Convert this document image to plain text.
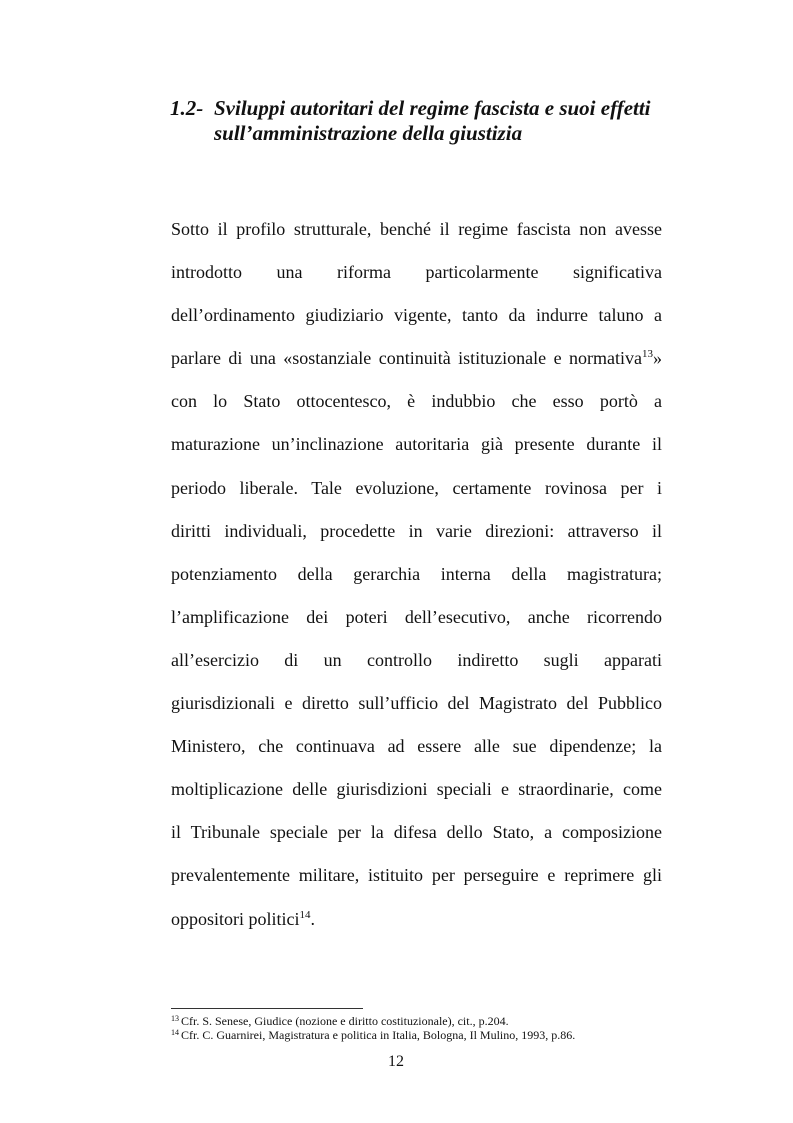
1.2- Sviluppi autoritari del regime fascista e suoi effetti
sull’amministrazione della giustizia
Sotto il profilo strutturale, benché il regime fascista non avesse
introdotto una riforma particolarmente significativa
dell’ordinamento giudiziario vigente, tanto da indurre taluno a
parlare di una «sostanziale continuità istituzionale e normativa$^{13}$»
con lo Stato ottocentesco, è indubbio che esso portò a
maturazione un’inclinazione autoritaria già presente durante il
periodo liberale. Tale evoluzione, certamente rovinosa per i
diritti individuali, procedette in varie direzioni: attraverso il
potenziamento della gerarchia interna della magistratura;
l’amplificazione dei poteri dell’esecutivo, anche ricorrendo
all’esercizio di un controllo indiretto sugli apparati
giurisdizionali e diretto sull’ufficio del Magistrato del Pubblico
Ministero, che continuava ad essere alle sue dipendenze; la
moltiplicazione delle giurisdizioni speciali e straordinarie, come
il Tribunale speciale per la difesa dello Stato, a composizione
prevalentemente militare, istituito per perseguire e reprimere gli
oppositori politici$^{14}$.
$^{13}$ Cfr. S. Senese, Giudice (nozione e diritto costituzionale), cit., p.204.
$^{14}$ Cfr. C. Guarnirei, Magistratura e politica in Italia, Bologna, Il Mulino, 1993, p.86.
12
